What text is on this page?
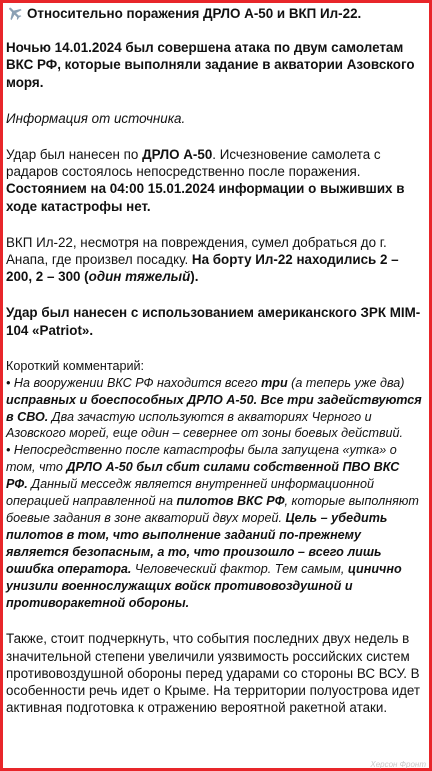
Относительно поражения ДРЛО А-50 и ВКП Ил-22.

Ночью 14.01.2024 был совершена атака по двум самолетам ВКС РФ, которые выполняли задание в акватории Азовского моря.

Информация от источника.

Удар был нанесен по ДРЛО А-50. Исчезновение самолета с радаров состоялось непосредственно после поражения. Состоянием на 04:00 15.01.2024 информации о выживших в ходе катастрофы нет.

ВКП Ил-22, несмотря на повреждения, сумел добраться до г. Анапа, где произвел посадку. На борту Ил-22 находились 2 – 200, 2 – 300 (один тяжелый).

Удар был нанесен с использованием американского ЗРК MIM-104 «Patriot».

Короткий комментарий:

• На вооружении ВКС РФ находится всего три (а теперь уже два) исправных и боеспособных ДРЛО А-50. Все три задействуются в СВО. Два зачастую используются в акваториях Черного и Азовского морей, еще один – севернее от зоны боевых действий.

• Непосредственно после катастрофы была запущена «утка» о том, что ДРЛО А-50 был сбит силами собственной ПВО ВКС РФ. Данный месседж является внутренней информационной операцией направленной на пилотов ВКС РФ, которые выполняют боевые задания в зоне акваторий двух морей. Цель – убедить пилотов в том, что выполнение заданий по-прежнему является безопасным, а то, что произошло – всего лишь ошибка оператора. Человеческий фактор. Тем самым, цинично унизили военнослужащих войск противовоздушной и противоракетной обороны.

Также, стоит подчеркнуть, что события последних двух недель в значительной степени увеличили уязвимость российских систем противовоздушной обороны перед ударами со стороны ВС ВСУ. В особенности речь идет о Крыме. На территории полуострова идет активная подготовка к отражению вероятной ракетной атаки.

Херсон Фронт
